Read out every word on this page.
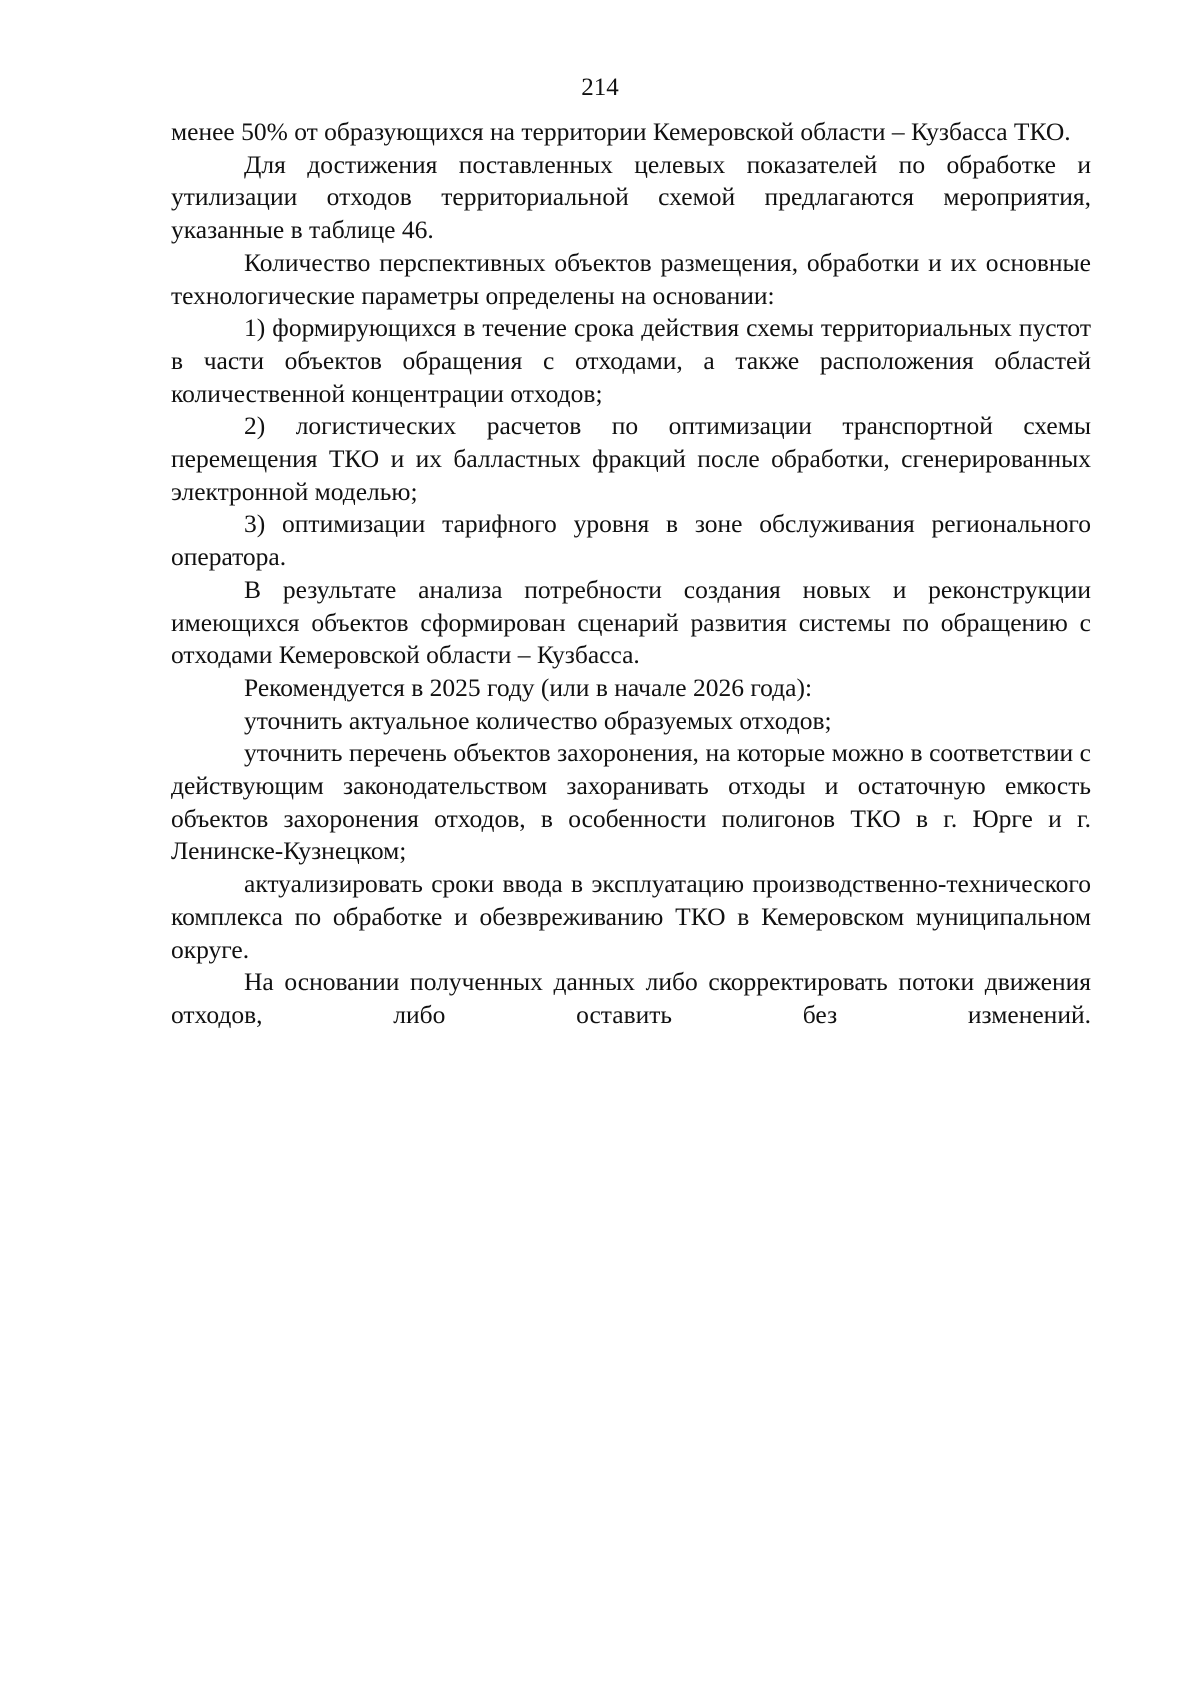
214

менее 50% от образующихся на территории Кемеровской области – Кузбасса ТКО.

Для достижения поставленных целевых показателей по обработке и утилизации отходов территориальной схемой предлагаются мероприятия, указанные в таблице 46.

Количество перспективных объектов размещения, обработки и их основные технологические параметры определены на основании:

1) формирующихся в течение срока действия схемы территориальных пустот в части объектов обращения с отходами, а также расположения областей количественной концентрации отходов;

2) логистических расчетов по оптимизации транспортной схемы перемещения ТКО и их балластных фракций после обработки, сгенерированных электронной моделью;

3) оптимизации тарифного уровня в зоне обслуживания регионального оператора.

В результате анализа потребности создания новых и реконструкции имеющихся объектов сформирован сценарий развития системы по обращению с отходами Кемеровской области – Кузбасса.

Рекомендуется в 2025 году (или в начале 2026 года):

уточнить актуальное количество образуемых отходов;

уточнить перечень объектов захоронения, на которые можно в соответствии с действующим законодательством захоранивать отходы и остаточную емкость объектов захоронения отходов, в особенности полигонов ТКО в г. Юрге и г. Ленинске-Кузнецком;

актуализировать сроки ввода в эксплуатацию производственно-технического комплекса по обработке и обезвреживанию ТКО в Кемеровском муниципальном округе.

На основании полученных данных либо скорректировать потоки движения отходов, либо оставить без изменений.
